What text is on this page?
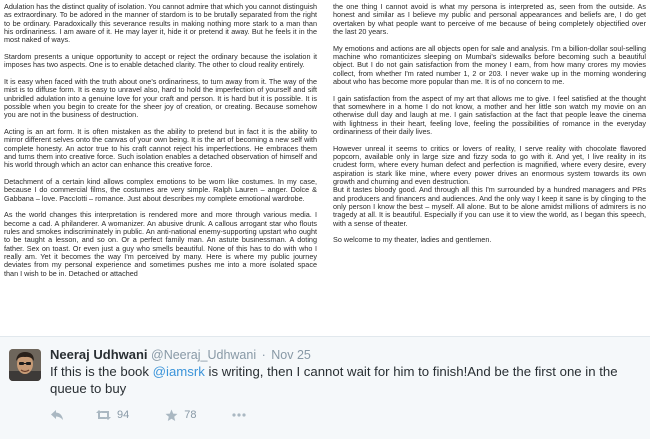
Adulation has the distinct quality of isolation. You cannot admire that which you cannot distinguish as extraordinary. To be adored in the manner of stardom is to be brutally separated from the right to be ordinary. Paradoxically this severance results in making nothing more stark to a man than his ordinariness. I am aware of it. He may layer it, hide it or pretend it away. But he feels it in the most naked of ways.

Stardom presents a unique opportunity to accept or reject the ordinary because the isolation it imposes has two aspects. One is to enable detached clarity. The other to cloud reality entirely.

It is easy when faced with the truth about one's ordinariness, to turn away from it. The way of the mist is to diffuse form. It is easy to unravel also, hard to hold the imperfection of yourself and sift unbridled adulation into a genuine love for your craft and person. It is hard but it is possible. It is possible when you begin to create for the sheer joy of creation, or creating. Because somehow you are not in the business of destruction.

Acting is an art form. It is often mistaken as the ability to pretend but in fact it is the ability to mirror different selves onto the canvas of your own being. It is the art of becoming a new self with complete honesty. An actor true to his craft cannot reject his imperfections. He embraces them and turns them into creative force. Such isolation enables a detached observation of himself and his world through which an actor can enhance this creative force.

Detachment of a certain kind allows complex emotions to be worn like costumes. In my case, because I do commercial films, the costumes are very simple. Ralph Lauren – anger. Dolce & Gabbana – love. PaccIotti – romance. Just about describes my complete emotional wardrobe.

As the world changes this interpretation is rendered more and more through various media. I become a cad. A philanderer. A womanizer. An abusive drunk. A callous arrogant star who flouts rules and smokes indiscriminately in public. An anti-national enemy-supporting upstart who ought to be taught a lesson, and so on. Or a perfect family man. An astute businessman. A doting father. Sex on toast. Or even just a guy who smells beautiful. None of this has to do with who I really am. Yet it becomes the way I'm perceived by many. Here is where my public journey deviates from my personal experience and sometimes pushes me into a more isolated space than I wish to be in. Detached or attached

the one thing I cannot avoid is what my persona is interpreted as, seen from the outside. As honest and similar as I believe my public and personal appearances and beliefs are, I do get overtaken by what people want to perceive of me because of being completely objectified over the last 20 years.

My emotions and actions are all objects open for sale and analysis. I'm a billion-dollar soul-selling machine who romanticizes sleeping on Mumbai's sidewalks before becoming such a beautiful object. But I do not gain satisfaction from the money I earn, from how many crores my movies collect, from whether I'm rated number 1, 2 or 203. I never wake up in the morning wondering about who has become more popular than me. It is of no concern to me.

I gain satisfaction from the aspect of my art that allows me to give. I feel satisfied at the thought that somewhere in a home I do not know, a mother and her little son watch my movie on an otherwise dull day and laugh at me. I gain satisfaction at the fact that people leave the cinema with lightness in their heart, feeling love, feeling the possibilities of romance in the everyday ordinariness of their daily lives.

However unreal it seems to critics or lovers of reality, I serve reality with chocolate flavored popcorn, available only in large size and fizzy soda to go with it. And yet, I live reality in its crudest form, where every human defect and perfection is magnified, where every desire, every aspiration is stark like mine, where every power drives an enormous system towards its own growth and churning and even destruction.
But it tastes bloody good. And through all this I'm surrounded by a hundred managers and PRs and producers and financers and audiences. And the only way I keep it sane is by clinging to the only person I know the best – myself. All alone. But to be alone amidst millions of admirers is no tragedy at all. It is beautiful. Especially if you can use it to view the world, as I began this speech, with a sense of theater.

So welcome to my theater, ladies and gentlemen.

Neeraj Udhwani @Neeraj_Udhwani · Nov 25
If this is the book @iamsrk is writing, then I cannot wait for him to finish!And be the first one in the queue to buy
94	78
